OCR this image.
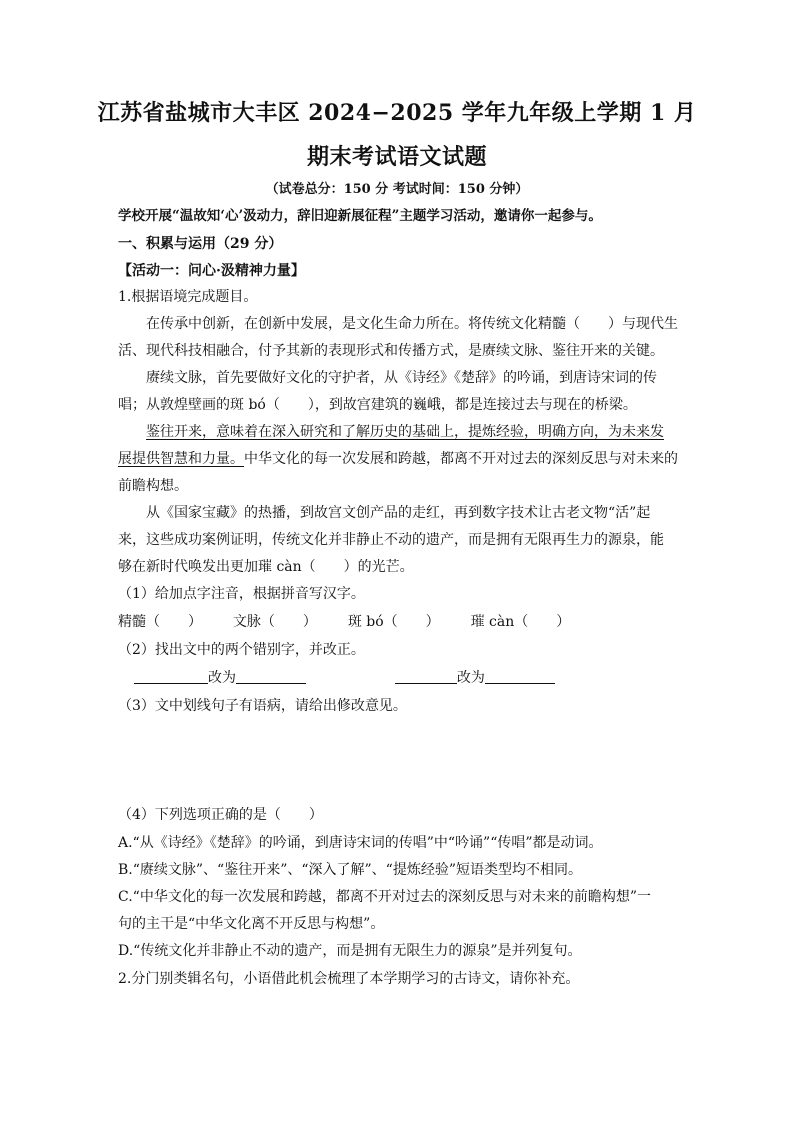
江苏省盐城市大丰区 2024−2025 学年九年级上学期 1 月
期末考试语文试题
（试卷总分：150 分 考试时间：150 分钟）
学校开展“温故知‘心’汲动力，辞旧迎新展征程”主题学习活动，邀请你一起参与。
一、积累与运用（29 分）
【活动一：问心·汲精神力量】
1.根据语境完成题目。
在传承中创新，在创新中发展，是文化生命力所在。将传统文化精髓（　　）与现代生
活、现代科技相融合，付予其新的表现形式和传播方式，是赓续文脉、鉴往开来的关键。
赓续文脉，首先要做好文化的守护者，从《诗经》《楚辞》的吟诵，到唐诗宋词的传
唱；从敦煌壁画的斑 bó（　　），到故宫建筑的巍峨，都是连接过去与现在的桥梁。
鉴往开来，意味着在深入研究和了解历史的基础上，提炼经验，明确方向，为未来发
展提供智慧和力量。中华文化的每一次发展和跨越，都离不开对过去的深刻反思与对未来的
前瞻构想。
从《国家宝藏》的热播，到故宫文创产品的走红，再到数字技术让古老文物“活”起
来，这些成功案例证明，传统文化并非静止不动的遗产，而是拥有无限再生力的源泉，能
够在新时代唤发出更加璀 càn（　　）的光芒。
（1）给加点字注音，根据拼音写汉字。
精髓（　　） 文脉（　　） 斑 bó（　　） 璀 càn（　　）
（2）找出文中的两个错别字，并改正。
改为	改为
（3）文中划线句子有语病，请给出修改意见。
（4）下列选项正确的是（　　）
A.“从《诗经》《楚辞》的吟诵，到唐诗宋词的传唱”中“吟诵”“传唱”都是动词。
B.“赓续文脉”、“鉴往开来”、“深入了解”、“提炼经验”短语类型均不相同。
C.“中华文化的每一次发展和跨越，都离不开对过去的深刻反思与对未来的前瞻构想”一
句的主干是“中华文化离不开反思与构想”。
D.“传统文化并非静止不动的遗产，而是拥有无限生力的源泉”是并列复句。
2.分门别类辑名句，小语借此机会梳理了本学期学习的古诗文，请你补充。
